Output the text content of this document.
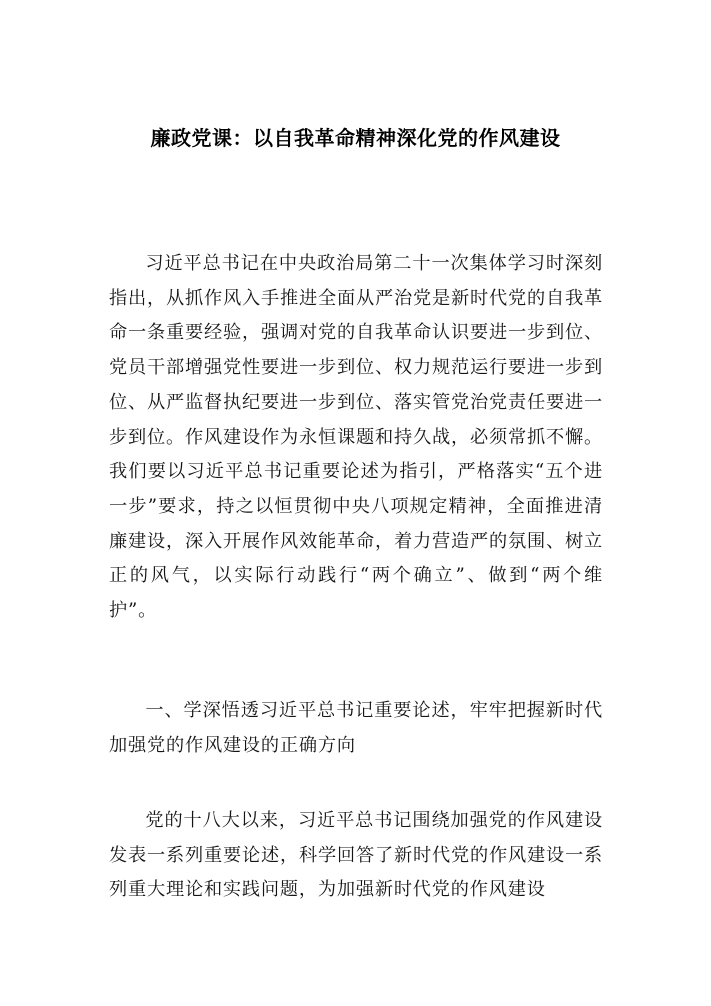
廉政党课：以自我革命精神深化党的作风建设

习近平总书记在中央政治局第二十一次集体学习时深刻指出，从抓作风入手推进全面从严治党是新时代党的自我革命一条重要经验，强调对党的自我革命认识要进一步到位、党员干部增强党性要进一步到位、权力规范运行要进一步到位、从严监督执纪要进一步到位、落实管党治党责任要进一步到位。作风建设作为永恒课题和持久战，必须常抓不懈。我们要以习近平总书记重要论述为指引，严格落实“五个进一步”要求，持之以恒贯彻中央八项规定精神，全面推进清廉建设，深入开展作风效能革命，着力营造严的氛围、树立正的风气，以实际行动践行“两个确立”、做到“两个维护”。

一、学深悟透习近平总书记重要论述，牢牢把握新时代加强党的作风建设的正确方向

党的十八大以来，习近平总书记围绕加强党的作风建设发表一系列重要论述，科学回答了新时代党的作风建设一系列重大理论和实践问题，为加强新时代党的作风建设
